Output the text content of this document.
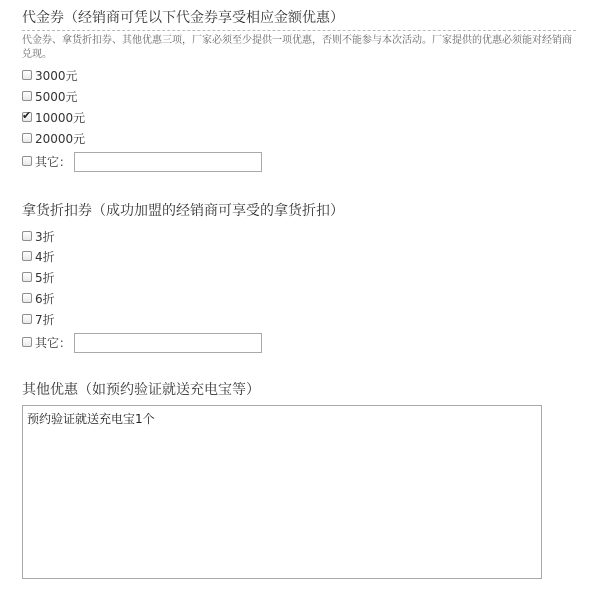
代金券（经销商可凭以下代金券享受相应金额优惠）
代金券、拿货折扣券、其他优惠三项，厂家必须至少提供一项优惠，否则不能参与本次活动。厂家提供的优惠必须能对经销商兑现。
3000元
5000元
✔
10000元
20000元
其它：
拿货折扣券（成功加盟的经销商可享受的拿货折扣）
3折
4折
5折
6折
7折
其它：
其他优惠（如预约验证就送充电宝等）
预约验证就送充电宝1个
